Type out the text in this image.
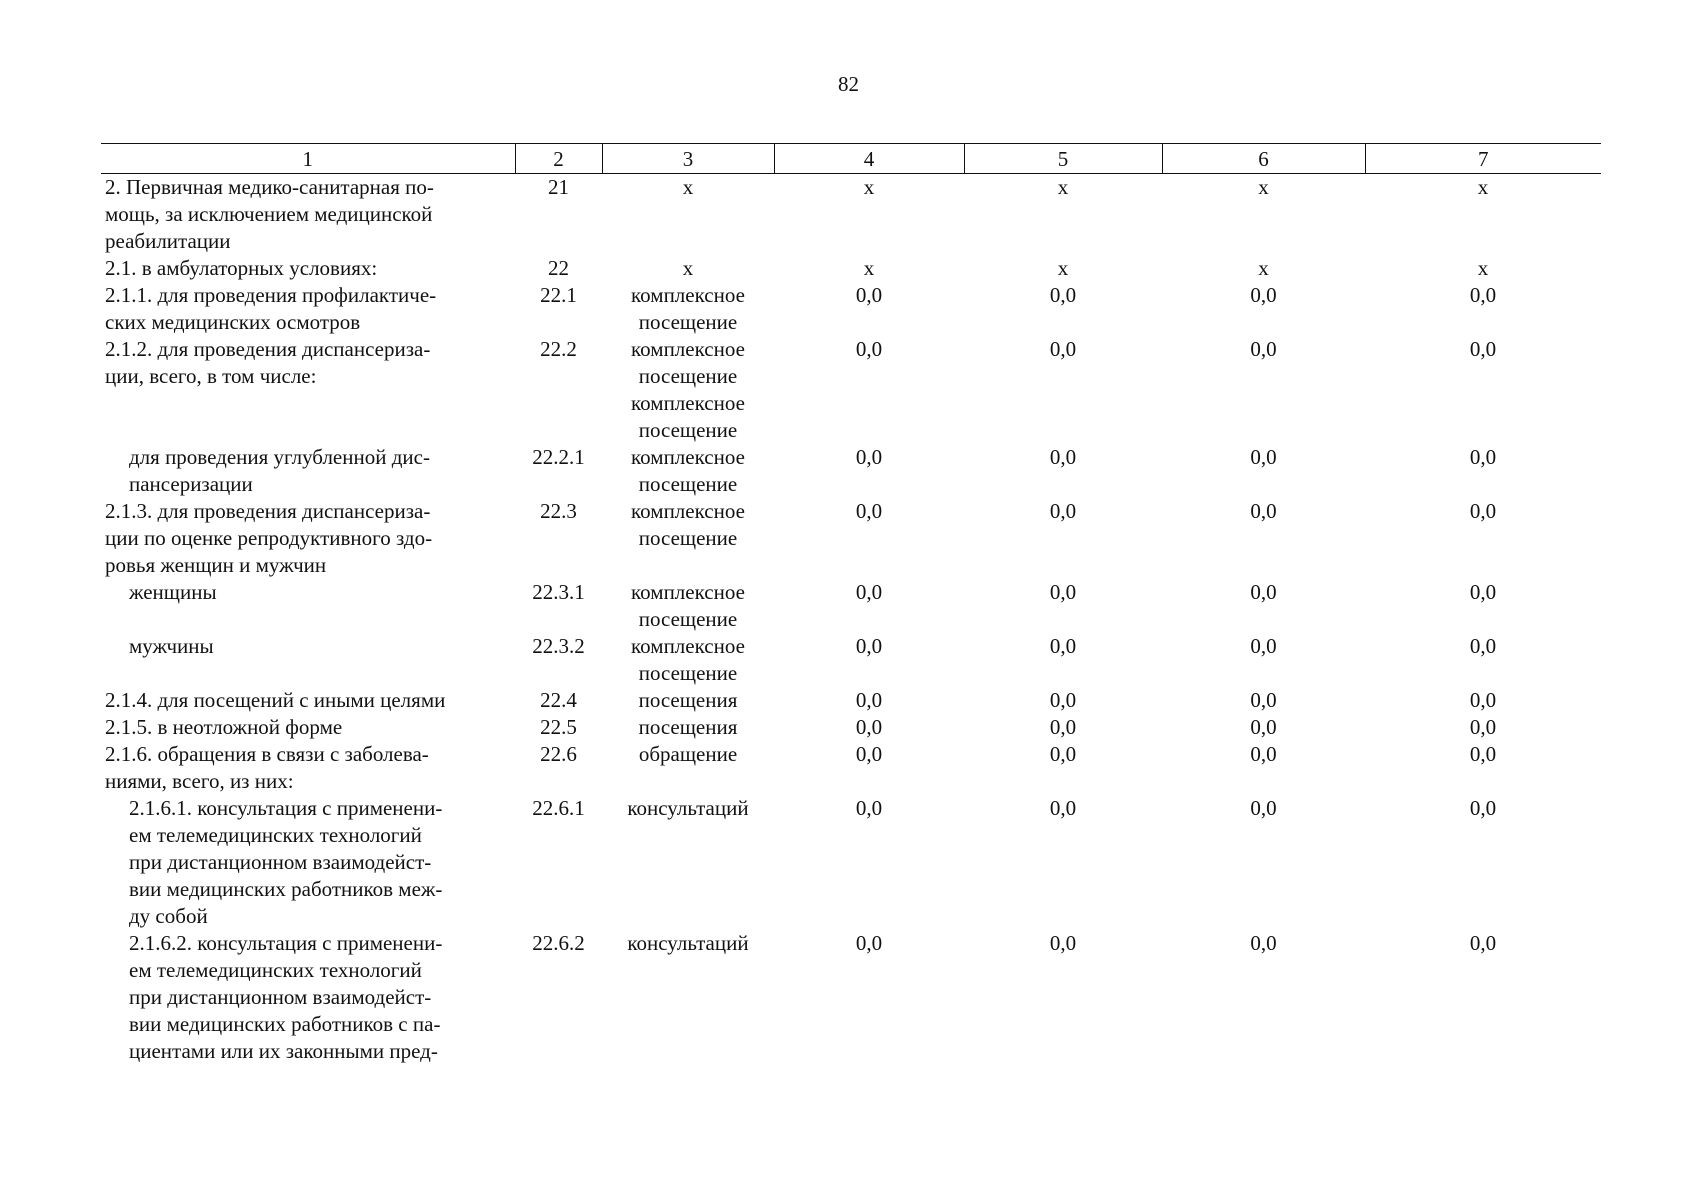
82
1	2	3	4	5	6	7

2. Первичная медико-санитарная по-
мощь, за исключением медицинской
реабилитации	21	х	х	х	х	х

2.1. в амбулаторных условиях:	22	х	х	х	х	х

2.1.1. для проведения профилактиче-
ских медицинских осмотров	22.1	комплексное
посещение	0,0	0,0	0,0	0,0

2.1.2. для проведения диспансериза-
ции, всего, в том числе:	22.2	комплексное
посещение
комплексное
посещение	0,0	0,0	0,0	0,0

для проведения углубленной дис-
пансеризации	22.2.1	комплексное
посещение	0,0	0,0	0,0	0,0

2.1.3. для проведения диспансериза-
ции по оценке репродуктивного здо-
ровья женщин и мужчин	22.3	комплексное
посещение	0,0	0,0	0,0	0,0

женщины	22.3.1	комплексное
посещение	0,0	0,0	0,0	0,0

мужчины	22.3.2	комплексное
посещение	0,0	0,0	0,0	0,0

2.1.4. для посещений с иными целями	22.4	посещения	0,0	0,0	0,0	0,0

2.1.5. в неотложной форме	22.5	посещения	0,0	0,0	0,0	0,0

2.1.6. обращения в связи с заболева-
ниями, всего, из них:	22.6	обращение	0,0	0,0	0,0	0,0

2.1.6.1. консультация с применени-
ем телемедицинских технологий
при дистанционном взаимодейст-
вии медицинских работников меж-
ду собой	22.6.1	консультаций	0,0	0,0	0,0	0,0

2.1.6.2. консультация с применени-
ем телемедицинских технологий
при дистанционном взаимодейст-
вии медицинских работников с па-
циентами или их законными пред-	22.6.2	консультаций	0,0	0,0	0,0	0,0
